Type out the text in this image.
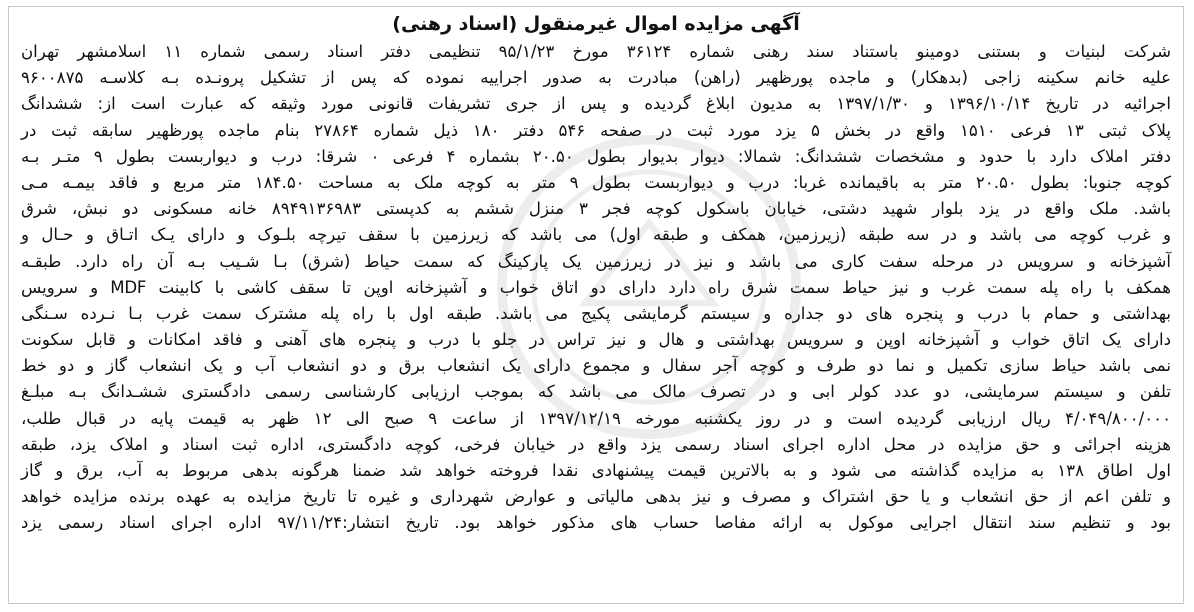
آگهی مزایده اموال غیرمنقول (اسناد رهنی)
شرکت لبنیات و بستنی دومینو باستناد سند رهنی شماره ۳۶۱۲۴ مورخ ۹۵/۱/۲۳ تنظیمی دفتر اسناد رسمی شماره ۱۱ اسلامشهر تهران
علیه خانم سکینه زاجی (بدهکار) و ماجده پورظهیر (راهن) مبادرت به صدور اجراییه نموده که پس از تشکیل پرونـده بـه کلاسـه ۹۶۰۰۸۷۵
اجرائیه در تاریخ ۱۳۹۶/۱۰/۱۴ و ۱۳۹۷/۱/۳۰ به مدیون ابلاغ گردیده و پس از جری تشریفات قانونی مورد وثیقه که عبارت است از: ششدانگ
پلاک ثبتی ۱۳ فرعی ۱۵۱۰ واقع در بخش ۵ یزد مورد ثبت در صفحه ۵۴۶ دفتر ۱۸۰ ذیل شماره ۲۷۸۶۴ بنام ماجده پورظهیر سابقه ثبت در
دفتر املاک دارد با حدود و مشخصات ششدانگ: شمالا: دیوار بدیوار بطول ۲۰.۵۰ بشماره ۴ فرعی ۰ شرقا: درب و دیواربست بطول ۹ متـر بـه
کوچه جنوبا: بطول ۲۰.۵۰ متر به باقیمانده غربا: درب و دیواربست بطول ۹ متر به کوچه ملک به مساحت ۱۸۴.۵۰ متر مربع و فاقد بیمـه مـی
باشد. ملک واقع در یزد بلوار شهید دشتی، خیابان باسکول کوچه فجر ۳ منزل ششم به کدپستی ۸۹۴۹۱۳۶۹۸۳ خانه مسکونی دو نبش، شرق
و غرب کوچه می باشد و در سه طبقه (زیرزمین، همکف و طبقه اول) می باشد که زیرزمین با سقف تیرچه بلـوک و دارای یـک اتـاق و حـال و
آشپزخانه و سرویس در مرحله سفت کاری می باشد و نیز در زیرزمین یک پارکینگ که سمت حیاط (شرق) بـا شـیب بـه آن راه دارد. طبقـه
همکف با راه پله سمت غرب و نیز حیاط سمت شرق راه دارد دارای دو اتاق خواب و آشپزخانه اوپن تا سقف کاشی با کابینت MDF و سرویس
بهداشتی و حمام با درب و پنجره های دو جداره و سیستم گرمایشی پکیج می باشد. طبقه اول با راه پله مشترک سمت غرب بـا نـرده سـنگی
دارای یک اتاق خواب و آشپزخانه اوپن و سرویس بهداشتی و هال و نیز تراس در جلو با درب و پنجره های آهنی و فاقد امکانات و قابل سکونت
نمی باشد حیاط سازی تکمیل و نما دو طرف و کوچه آجر سفال و مجموع دارای یک انشعاب برق و دو انشعاب آب و یک انشعاب گاز و دو خط
تلفن و سیستم سرمایشی، دو عدد کولر ابی و در تصرف مالک می باشد که بموجب ارزیابی کارشناسی رسمی دادگستری ششـدانگ بـه مبلـغ
۴/۰۴۹/۸۰۰/۰۰۰ ریال ارزیابی گردیده است و در روز یکشنبه مورخه ۱۳۹۷/۱۲/۱۹ از ساعت ۹ صبح الی ۱۲ ظهر به قیمت پایه در قبال طلب،
هزینه اجرائی و حق مزایده در محل اداره اجرای اسناد رسمی یزد واقع در خیابان فرخی، کوچه دادگستری، اداره ثبت اسناد و املاک یزد، طبقه
اول اطاق ۱۳۸ به مزایده گذاشته می شود و به بالاترین قیمت پیشنهادی نقدا فروخته خواهد شد ضمنا هرگونه بدهی مربوط به آب، برق و گاز
و تلفن اعم از حق انشعاب و یا حق اشتراک و مصرف و نیز بدهی مالیاتی و عوارض شهرداری و غیره تا تاریخ مزایده به عهده برنده مزایده خواهد
بود و تنظیم سند انتقال اجرایی موکول به ارائه مفاصا حساب های مذکور خواهد بود. تاریخ انتشار:۹۷/۱۱/۲۴ اداره اجرای اسناد رسمی یزد
